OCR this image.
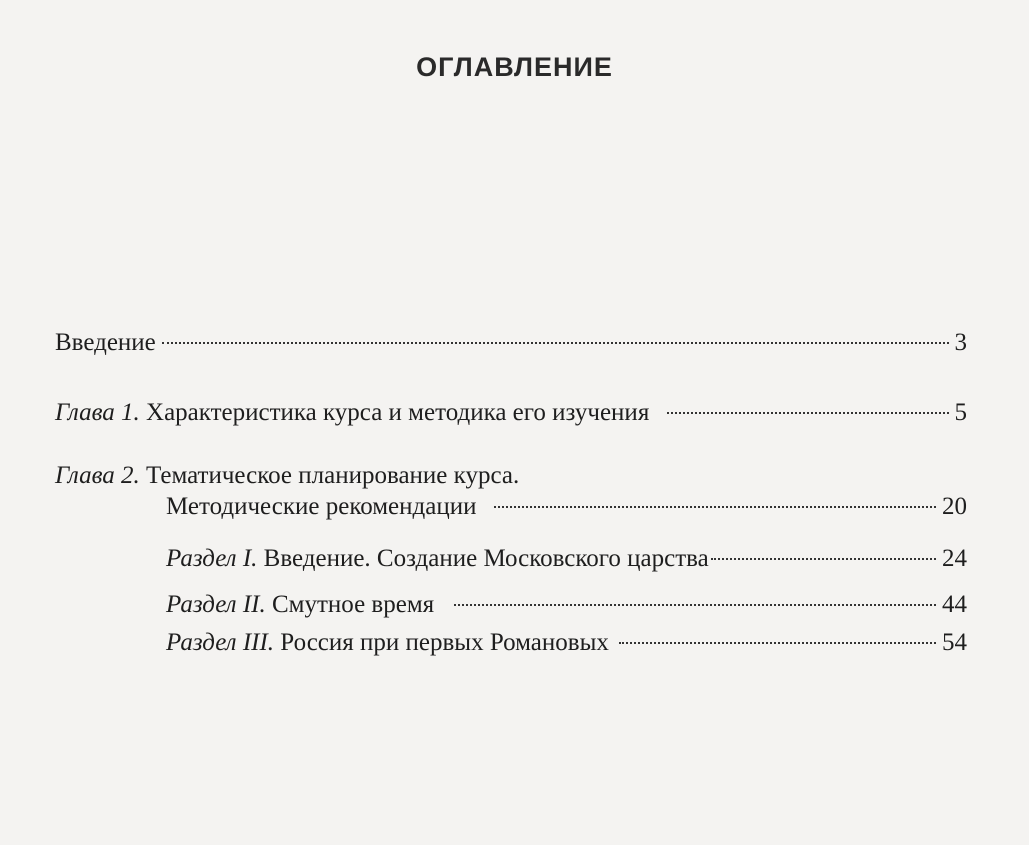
ОГЛАВЛЕНИЕ
Введение	3
Глава 1. Характеристика курса и методика его изучения	5
Глава 2. Тематическое планирование курса.
Методические рекомендации	20
Раздел I. Введение. Создание Московского царства	24
Раздел II. Смутное время	44
Раздел III. Россия при первых Романовых	54
